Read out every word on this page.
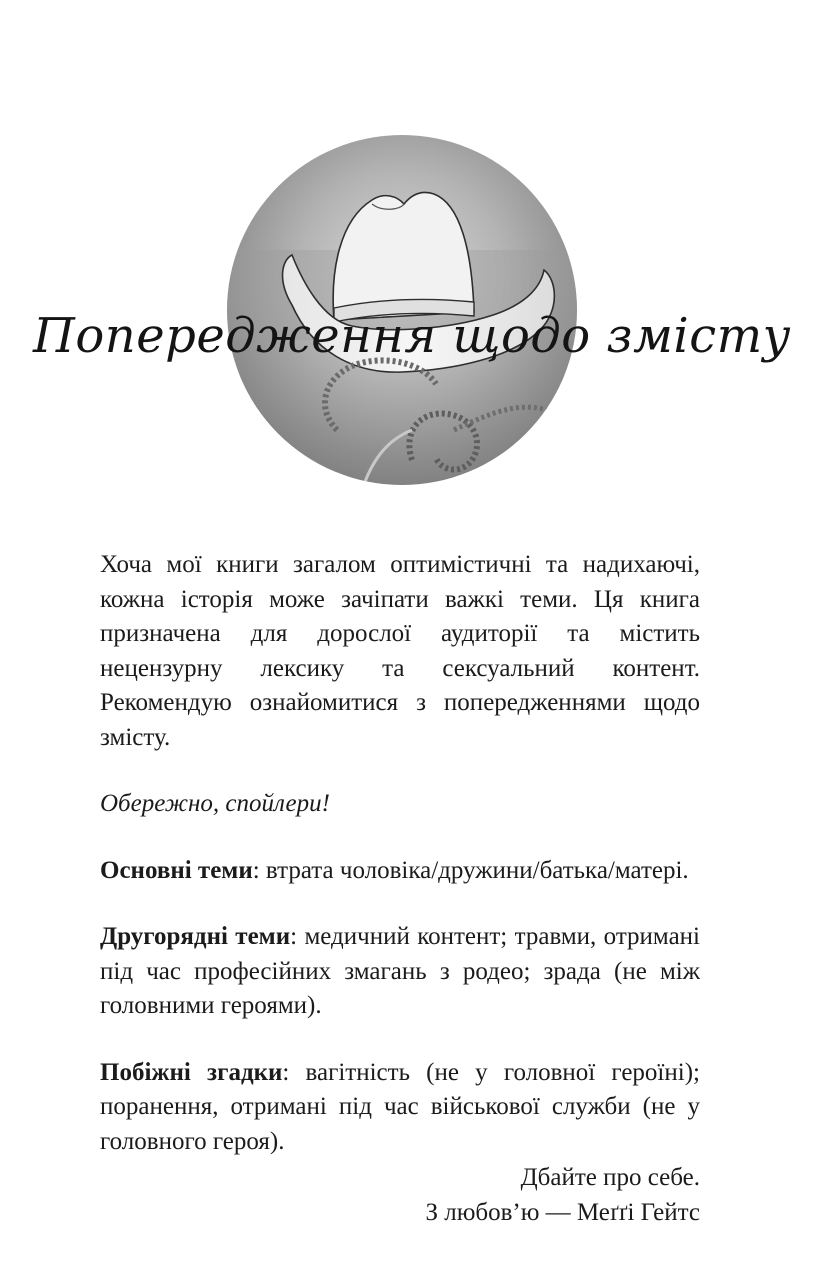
Попередження щодо змісту

Хоча мої книги загалом оптимістичні та надихаючі, кожна історія може зачіпати важкі теми. Ця книга призначена для дорослої аудиторії та містить нецензурну лексику та сексуальний контент. Рекомендую ознайомитися з попередженнями щодо змісту.

Обережно, спойлери!

Основні теми: втрата чоловіка/дружини/батька/матері.

Другорядні теми: медичний контент; травми, отримані під час професійних змагань з родео; зрада (не між головними героями).

Побіжні згадки: вагітність (не у головної героїні); поранення, отримані під час військової служби (не у головного героя).

Дбайте про себе.
З любов’ю — Меґґі Гейтс
